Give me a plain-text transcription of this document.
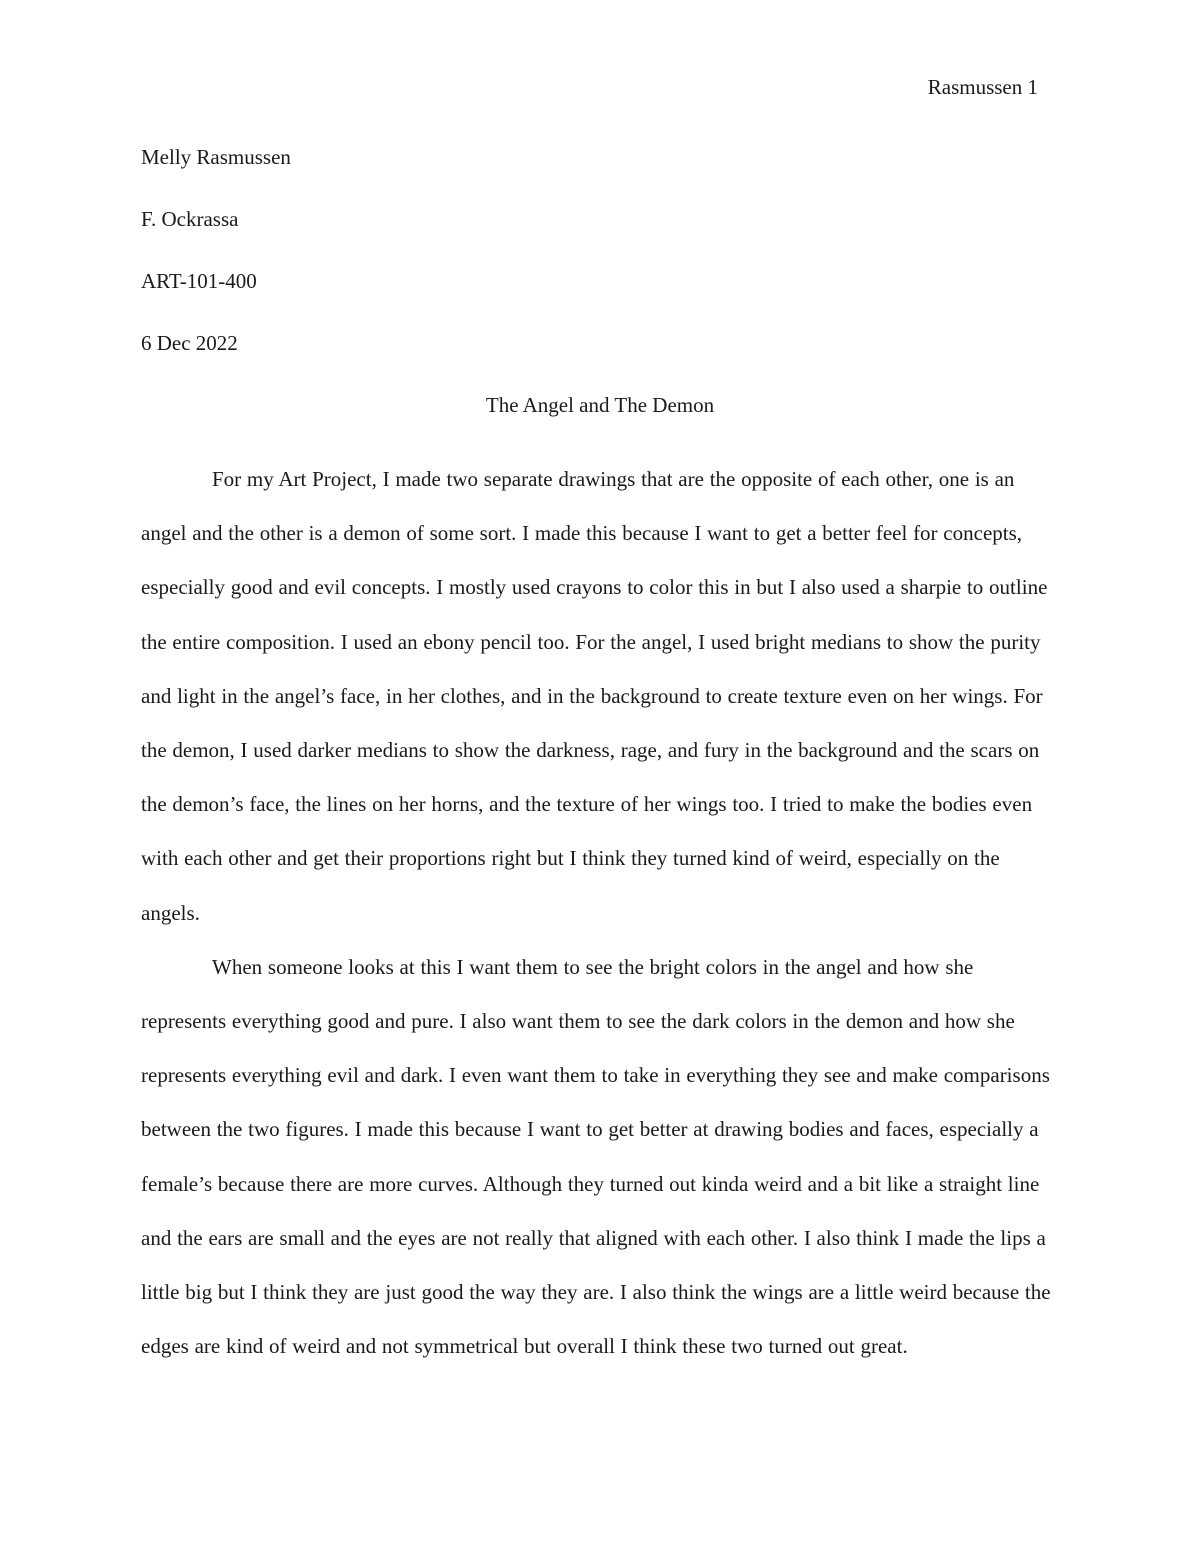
Rasmussen 1

Melly Rasmussen

F. Ockrassa

ART-101-400

6 Dec 2022

The Angel and The Demon

For my Art Project, I made two separate drawings that are the opposite of each other, one is an angel and the other is a demon of some sort. I made this because I want to get a better feel for concepts, especially good and evil concepts. I mostly used crayons to color this in but I also used a sharpie to outline the entire composition. I used an ebony pencil too. For the angel, I used bright medians to show the purity and light in the angel’s face, in her clothes, and in the background to create texture even on her wings. For the demon, I used darker medians to show the darkness, rage, and fury in the background and the scars on the demon’s face, the lines on her horns, and the texture of her wings too. I tried to make the bodies even with each other and get their proportions right but I think they turned kind of weird, especially on the angels.

When someone looks at this I want them to see the bright colors in the angel and how she represents everything good and pure. I also want them to see the dark colors in the demon and how she represents everything evil and dark. I even want them to take in everything they see and make comparisons between the two figures. I made this because I want to get better at drawing bodies and faces, especially a female’s because there are more curves. Although they turned out kinda weird and a bit like a straight line and the ears are small and the eyes are not really that aligned with each other. I also think I made the lips a little big but I think they are just good the way they are. I also think the wings are a little weird because the edges are kind of weird and not symmetrical but overall I think these two turned out great.
